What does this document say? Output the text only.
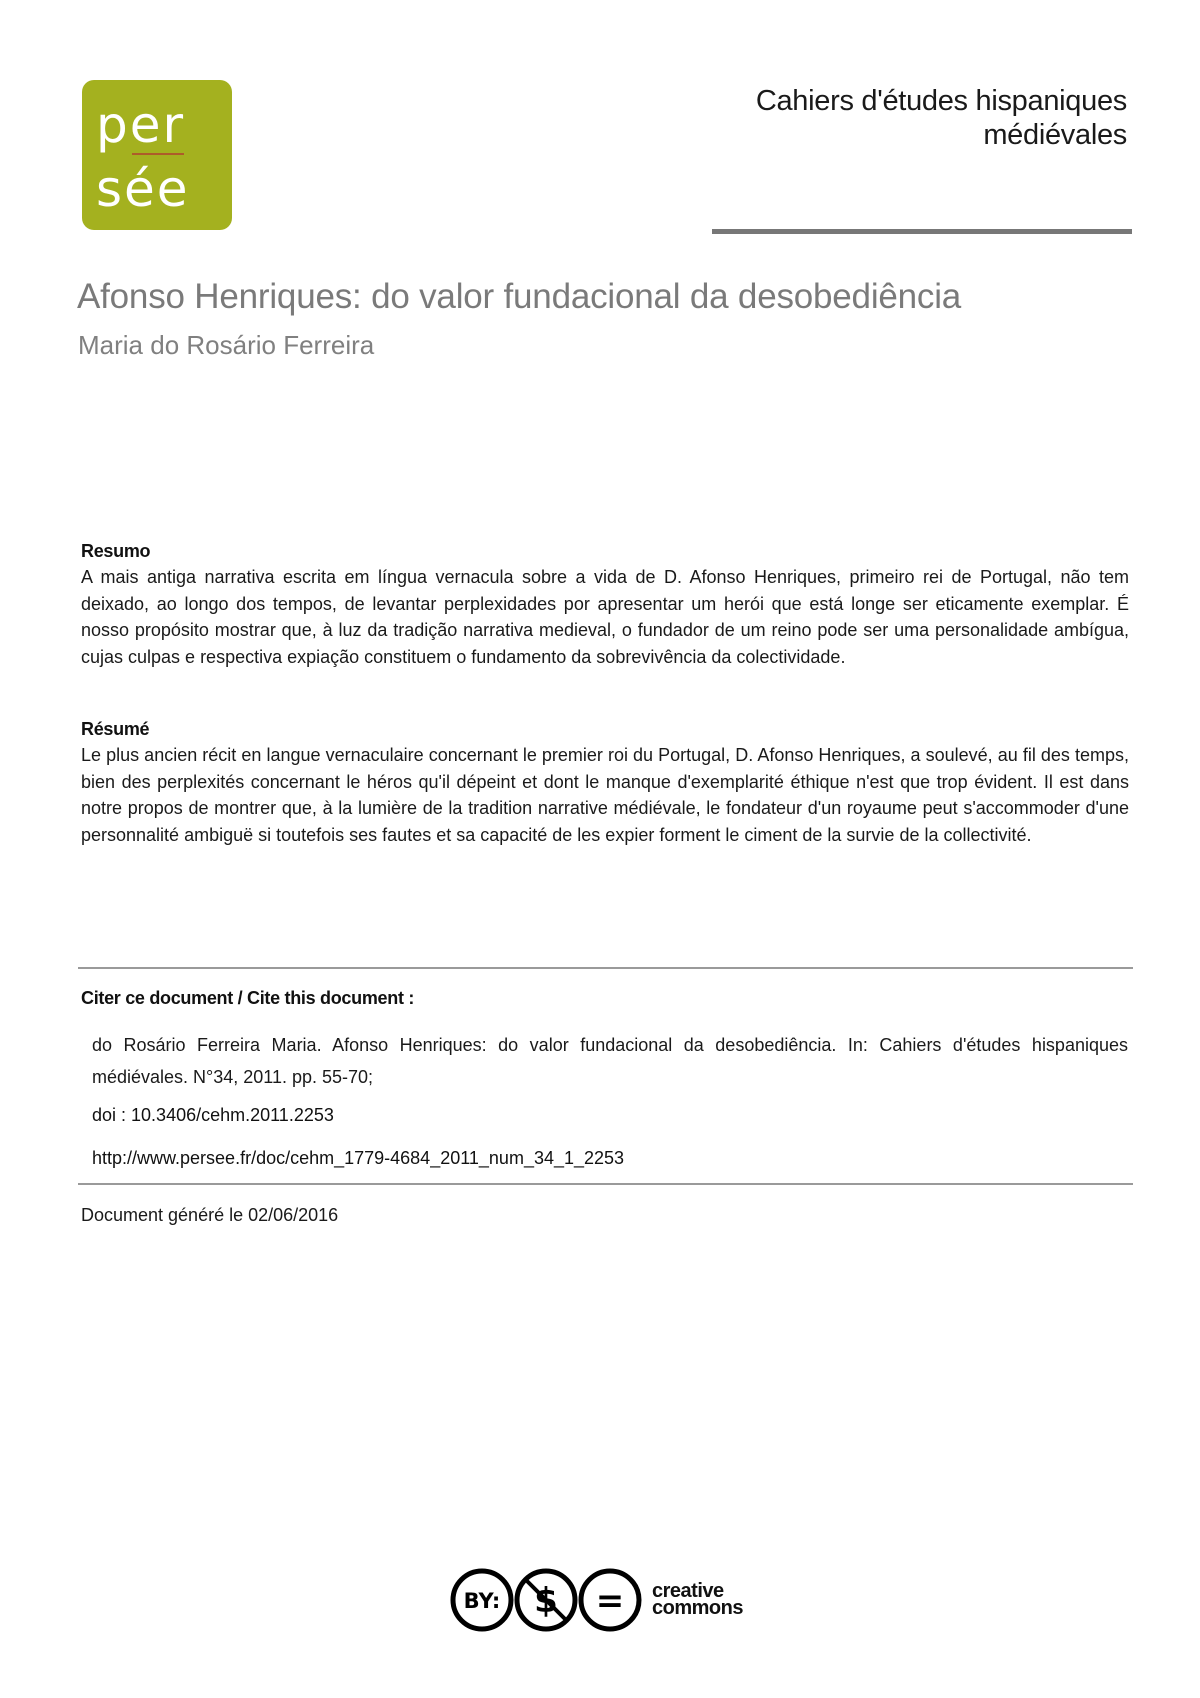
per
sée
Cahiers d'études hispaniques
médiévales
Afonso Henriques: do valor fundacional da desobediência
Maria do Rosário Ferreira
Resumo

A mais antiga narrativa escrita em língua vernacula sobre a vida de D. Afonso Henriques, primeiro rei de Portugal, não tem deixado, ao longo dos tempos, de levantar perplexidades por apresentar um herói que está longe ser eticamente exemplar. É nosso propósito mostrar que, à luz da tradição narrativa medieval, o fundador de um reino pode ser uma personalidade ambígua, cujas culpas e respectiva expiação constituem o fundamento da sobrevivência da colectividade.

Résumé

Le plus ancien récit en langue vernaculaire concernant le premier roi du Portugal, D. Afonso Henriques, a soulevé, au fil des temps, bien des perplexités concernant le héros qu'il dépeint et dont le manque d'exemplarité éthique n'est que trop évident. Il est dans notre propos de montrer que, à la lumière de la tradition narrative médiévale, le fondateur d'un royaume peut s'accommoder d'une personnalité ambiguë si toutefois ses fautes et sa capacité de les expier forment le ciment de la survie de la collectivité.

Citer ce document / Cite this document :
do Rosário Ferreira Maria. Afonso Henriques: do valor fundacional da desobediência. In: Cahiers d'études hispaniques médiévales. N°34, 2011. pp. 55-70;
doi : 10.3406/cehm.2011.2253
http://www.persee.fr/doc/cehm_1779-4684_2011_num_34_1_2253
Document généré le 02/06/2016
BY: $ = creative
commons
